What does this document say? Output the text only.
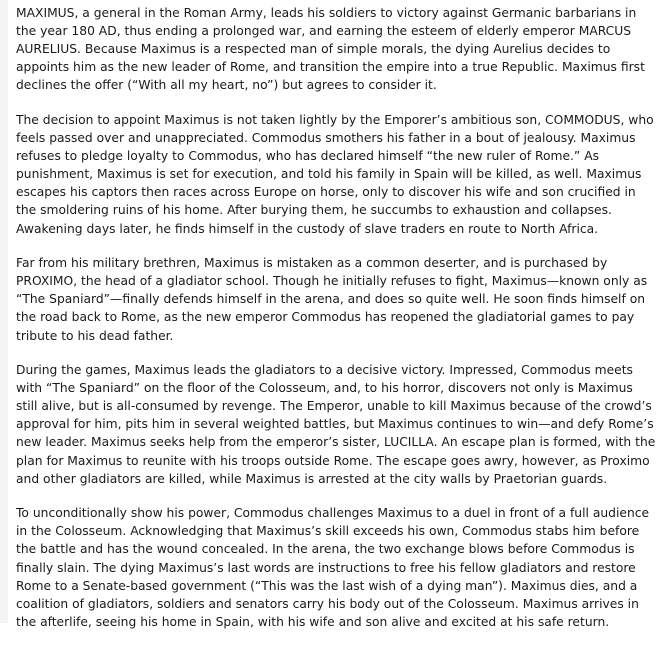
MAXIMUS, a general in the Roman Army, leads his soldiers to victory against Germanic barbarians in the year 180 AD, thus ending a prolonged war, and earning the esteem of elderly emperor MARCUS AURELIUS. Because Maximus is a respected man of simple morals, the dying Aurelius decides to appoints him as the new leader of Rome, and transition the empire into a true Republic. Maximus first declines the offer (“With all my heart, no”) but agrees to consider it.

The decision to appoint Maximus is not taken lightly by the Emporer’s ambitious son, COMMODUS, who feels passed over and unappreciated. Commodus smothers his father in a bout of jealousy. Maximus refuses to pledge loyalty to Commodus, who has declared himself “the new ruler of Rome.” As punishment, Maximus is set for execution, and told his family in Spain will be killed, as well. Maximus escapes his captors then races across Europe on horse, only to discover his wife and son crucified in the smoldering ruins of his home. After burying them, he succumbs to exhaustion and collapses. Awakening days later, he finds himself in the custody of slave traders en route to North Africa.

Far from his military brethren, Maximus is mistaken as a common deserter, and is purchased by PROXIMO, the head of a gladiator school. Though he initially refuses to fight, Maximus—known only as “The Spaniard”—finally defends himself in the arena, and does so quite well. He soon finds himself on the road back to Rome, as the new emperor Commodus has reopened the gladiatorial games to pay tribute to his dead father.

During the games, Maximus leads the gladiators to a decisive victory. Impressed, Commodus meets with “The Spaniard” on the floor of the Colosseum, and, to his horror, discovers not only is Maximus still alive, but is all-consumed by revenge. The Emperor, unable to kill Maximus because of the crowd’s approval for him, pits him in several weighted battles, but Maximus continues to win—and defy Rome’s new leader. Maximus seeks help from the emperor’s sister, LUCILLA. An escape plan is formed, with the plan for Maximus to reunite with his troops outside Rome. The escape goes awry, however, as Proximo and other gladiators are killed, while Maximus is arrested at the city walls by Praetorian guards.

To unconditionally show his power, Commodus challenges Maximus to a duel in front of a full audience in the Colosseum. Acknowledging that Maximus’s skill exceeds his own, Commodus stabs him before the battle and has the wound concealed. In the arena, the two exchange blows before Commodus is finally slain. The dying Maximus’s last words are instructions to free his fellow gladiators and restore Rome to a Senate-based government (“This was the last wish of a dying man”). Maximus dies, and a coalition of gladiators, soldiers and senators carry his body out of the Colosseum. Maximus arrives in the afterlife, seeing his home in Spain, with his wife and son alive and excited at his safe return.
